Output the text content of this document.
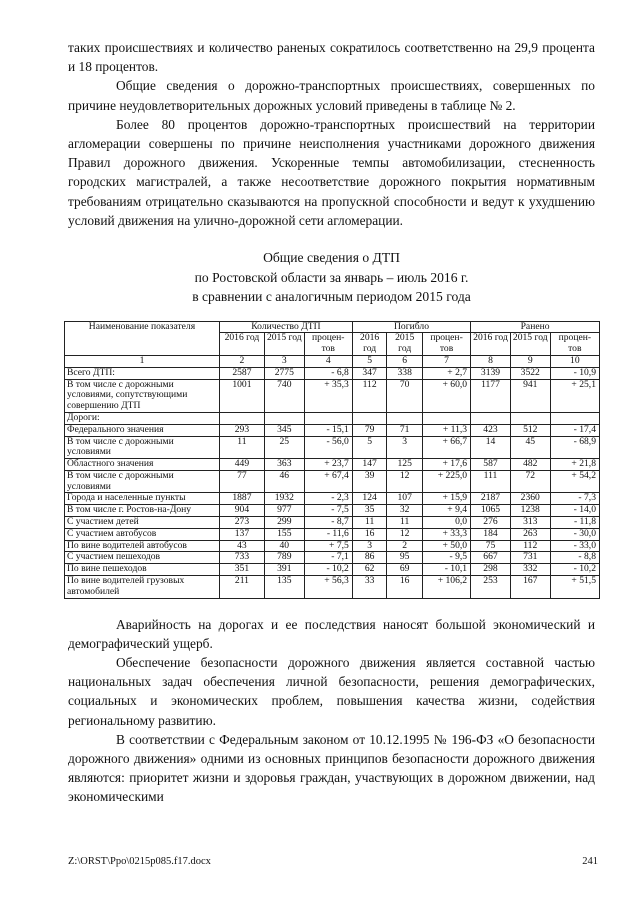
таких происшествиях и количество раненых сократилось соответственно на 29,9 процента и 18 процентов.

Общие сведения о дорожно-транспортных происшествиях, совершенных по причине неудовлетворительных дорожных условий приведены в таблице № 2.

Более 80 процентов дорожно-транспортных происшествий на территории агломерации совершены по причине неисполнения участниками дорожного движения Правил дорожного движения. Ускоренные темпы автомобилизации, стесненность городских магистралей, а также несоответствие дорожного покрытия нормативным требованиям отрицательно сказываются на пропускной способности и ведут к ухудшению условий движения на улично-дорожной сети агломерации.

Общие сведения о ДТП
по Ростовской области за январь – июль 2016 г.
в сравнении с аналогичным периодом 2015 года
Наименование показателя	Количество ДТП			Погибло			Ранено		
	2016 год	2015 год	процен-тов	2016 год	2015 год	процен-тов	2016 год	2015 год	процен-тов
1	2	3	4	5	6	7	8	9	10
Всего ДТП:	2587	2775	- 6,8	347	338	+ 2,7	3139	3522	- 10,9
В том числе с дорожными условиями, сопутствующими совершению ДТП	1001	740	+ 35,3	112	70	+ 60,0	1177	941	+ 25,1
Дороги:									
Федерального значения	293	345	- 15,1	79	71	+ 11,3	423	512	- 17,4
В том числе с дорожными условиями	11	25	- 56,0	5	3	+ 66,7	14	45	- 68,9
Областного значения	449	363	+ 23,7	147	125	+ 17,6	587	482	+ 21,8
В том числе с дорожными условиями	77	46	+ 67,4	39	12	+ 225,0	111	72	+ 54,2
Города и населенные пункты	1887	1932	- 2,3	124	107	+ 15,9	2187	2360	- 7,3
В том числе г. Ростов-на-Дону	904	977	- 7,5	35	32	+ 9,4	1065	1238	- 14,0
С участием детей	273	299	- 8,7	11	11	0,0	276	313	- 11,8
С участием автобусов	137	155	- 11,6	16	12	+ 33,3	184	263	- 30,0
По вине водителей автобусов	43	40	+ 7,5	3	2	+ 50,0	75	112	- 33,0
С участием пешеходов	733	789	- 7,1	86	95	- 9,5	667	731	- 8,8
По вине пешеходов	351	391	- 10,2	62	69	- 10,1	298	332	- 10,2
По вине водителей грузовых автомобилей	211	135	+ 56,3	33	16	+ 106,2	253	167	+ 51,5

Аварийность на дорогах и ее последствия наносят большой экономический и демографический ущерб.

Обеспечение безопасности дорожного движения является составной частью национальных задач обеспечения личной безопасности, решения демографических, социальных и экономических проблем, повышения качества жизни, содействия региональному развитию.

В соответствии с Федеральным законом от 10.12.1995 № 196-ФЗ «О безопасности дорожного движения» одними из основных принципов безопасности дорожного движения являются: приоритет жизни и здоровья граждан, участвующих в дорожном движении, над экономическими

Z:\ORST\Ppo\0215p085.f17.docx	241
